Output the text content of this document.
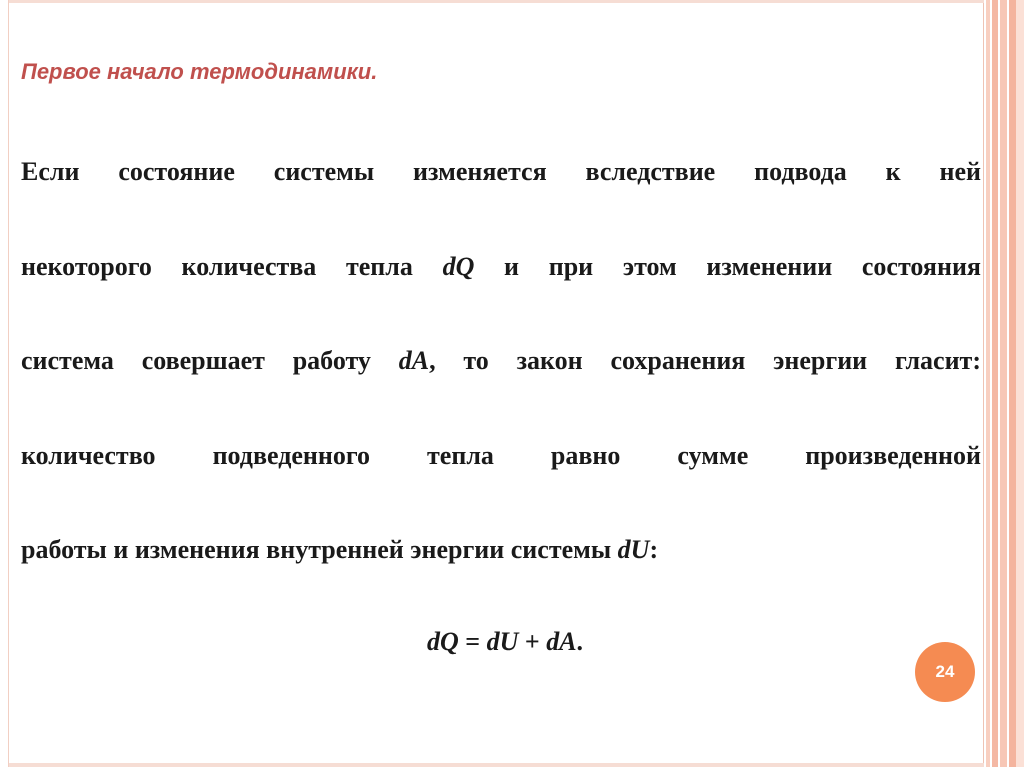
Первое начало термодинамики.
Если состояние системы изменяется вследствие подвода к ней
некоторого количества тепла dQ и при этом изменении состояния
система совершает работу dA, то закон сохранения энергии гласит:
количество подведенного тепла равно сумме произведенной
работы и изменения внутренней энергии системы dU:
dQ = dU + dA.
24
